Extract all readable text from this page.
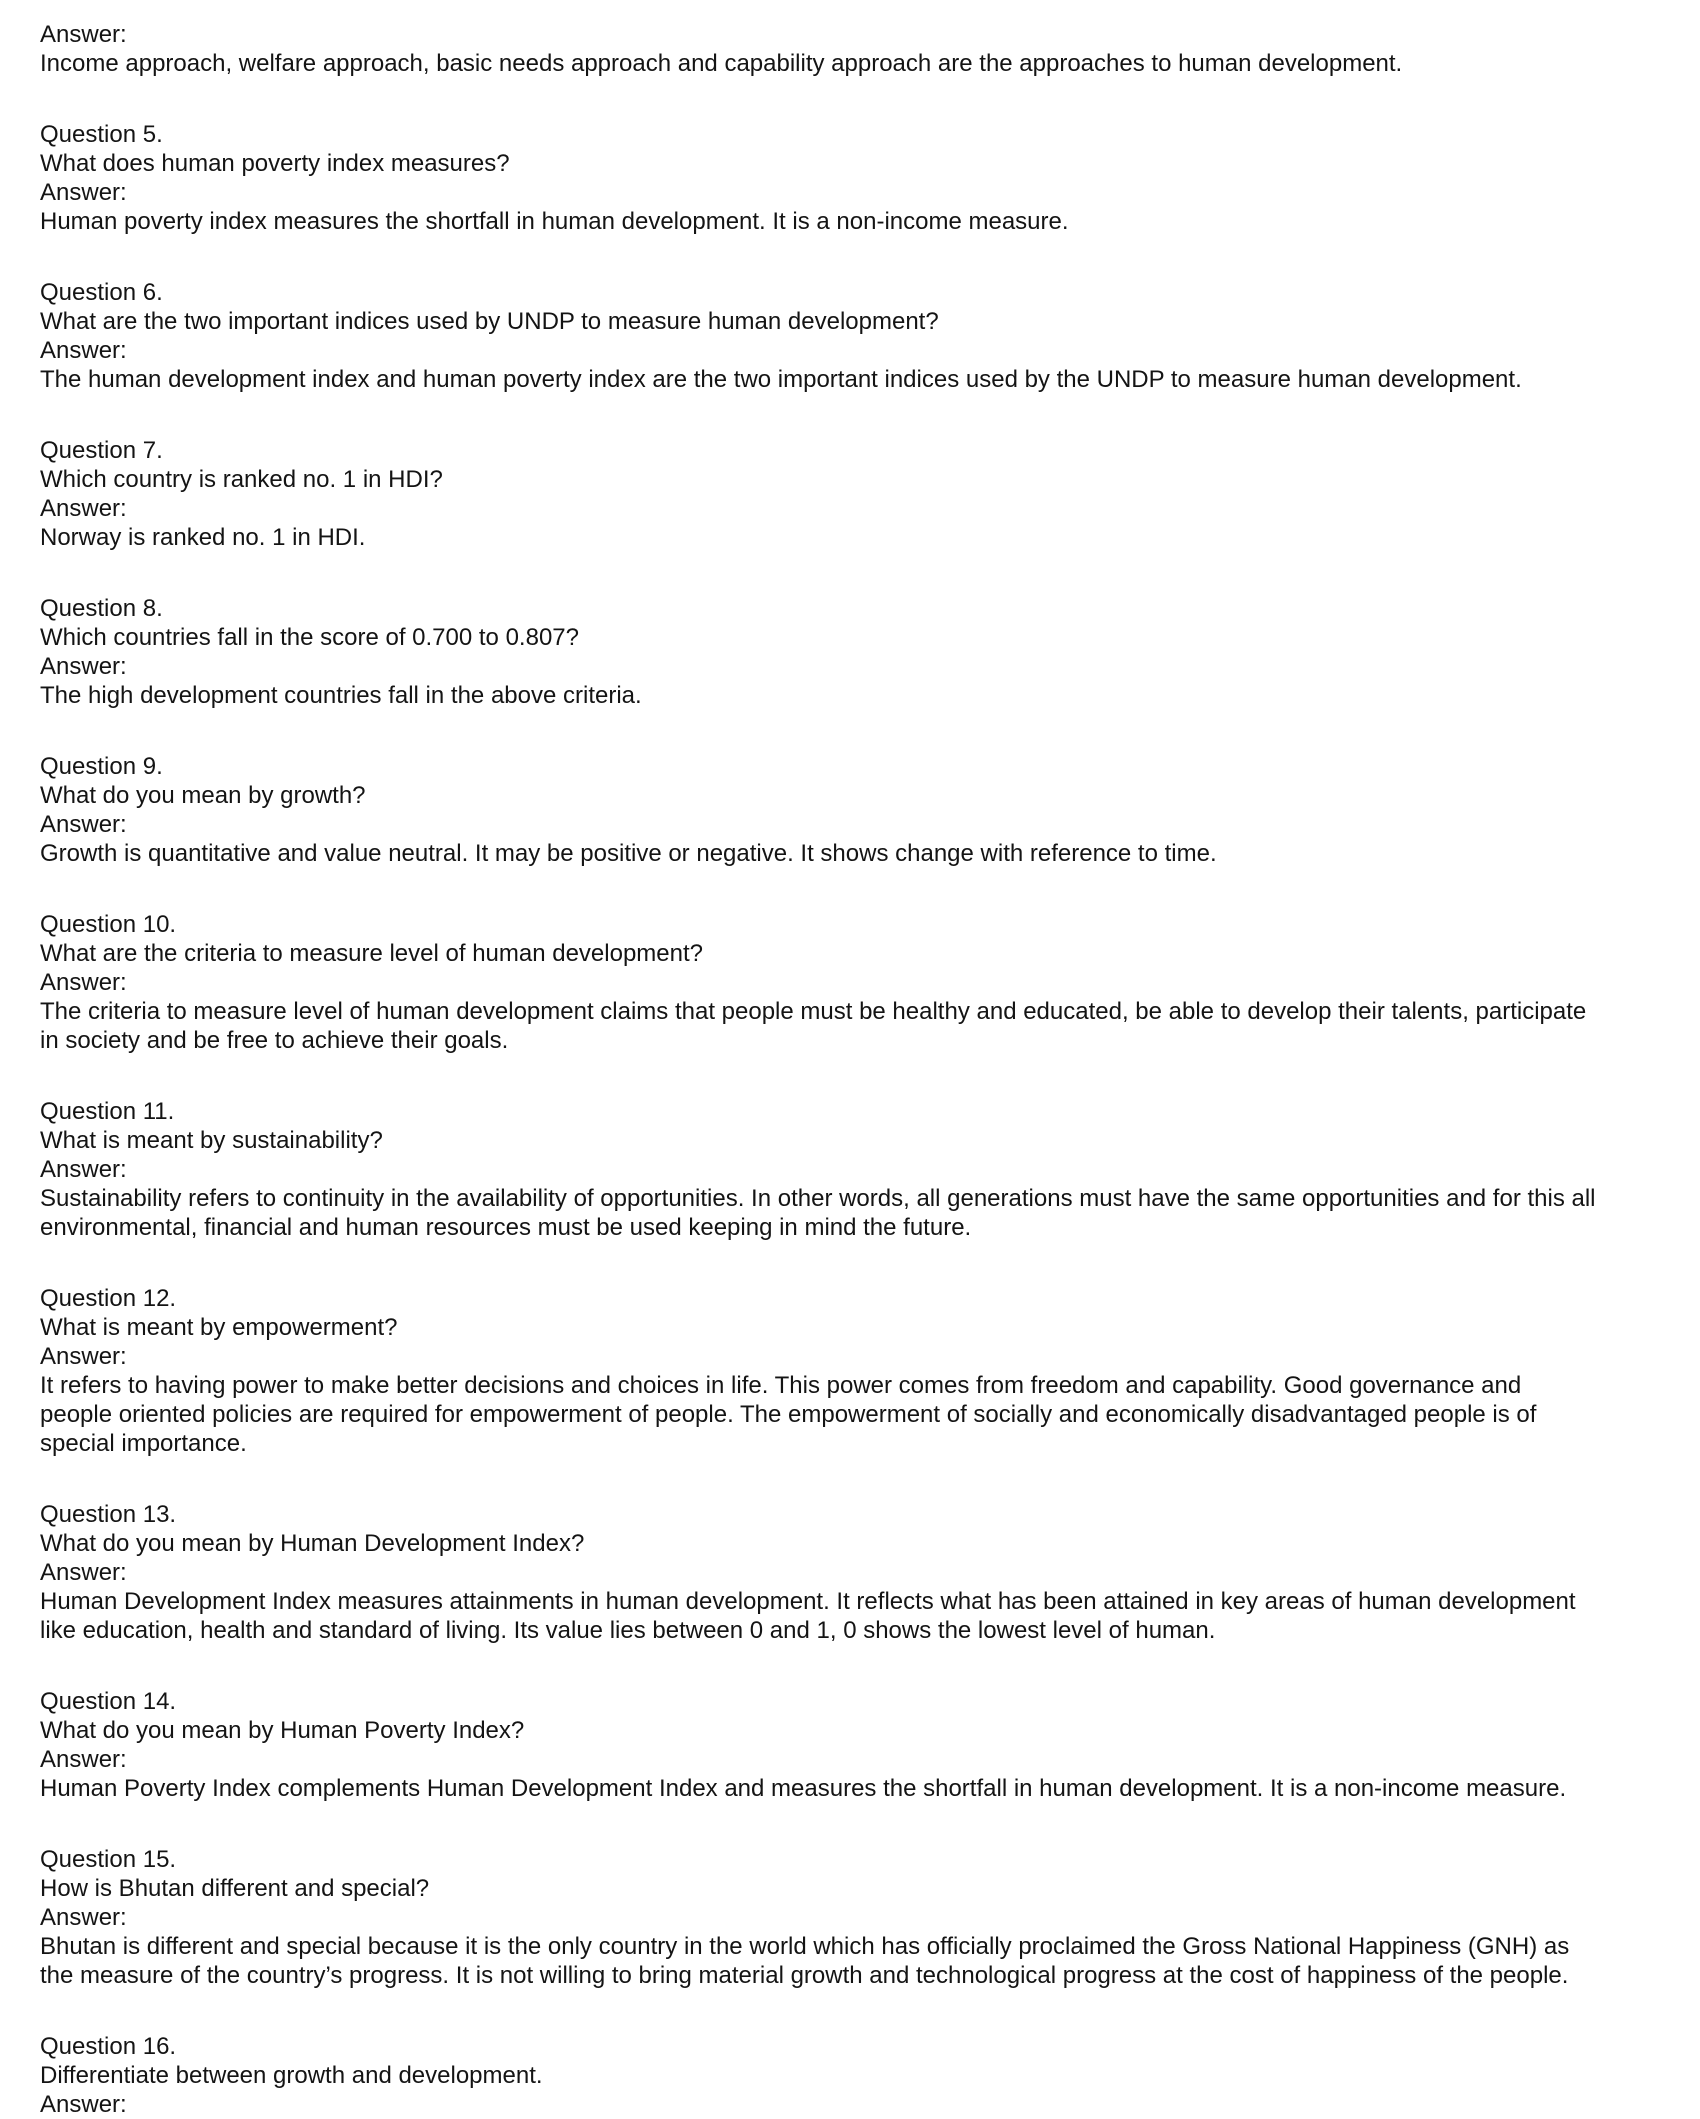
Answer:
Income approach, welfare approach, basic needs approach and capability approach are the approaches to human development.
Question 5.
What does human poverty index measures?
Answer:
Human poverty index measures the shortfall in human development. It is a non-income measure.
Question 6.
What are the two important indices used by UNDP to measure human development?
Answer:
The human development index and human poverty index are the two important indices used by the UNDP to measure human development.
Question 7.
Which country is ranked no. 1 in HDI?
Answer:
Norway is ranked no. 1 in HDI.
Question 8.
Which countries fall in the score of 0.700 to 0.807?
Answer:
The high development countries fall in the above criteria.
Question 9.
What do you mean by growth?
Answer:
Growth is quantitative and value neutral. It may be positive or negative. It shows change with reference to time.
Question 10.
What are the criteria to measure level of human development?
Answer:
The criteria to measure level of human development claims that people must be healthy and educated, be able to develop their talents, participate
in society and be free to achieve their goals.
Question 11.
What is meant by sustainability?
Answer:
Sustainability refers to continuity in the availability of opportunities. In other words, all generations must have the same opportunities and for this all
environmental, financial and human resources must be used keeping in mind the future.
Question 12.
What is meant by empowerment?
Answer:
It refers to having power to make better decisions and choices in life. This power comes from freedom and capability. Good governance and
people oriented policies are required for empowerment of people. The empowerment of socially and economically disadvantaged people is of
special importance.
Question 13.
What do you mean by Human Development Index?
Answer:
Human Development Index measures attainments in human development. It reflects what has been attained in key areas of human development
like education, health and standard of living. Its value lies between 0 and 1, 0 shows the lowest level of human.
Question 14.
What do you mean by Human Poverty Index?
Answer:
Human Poverty Index complements Human Development Index and measures the shortfall in human development. It is a non-income measure.
Question 15.
How is Bhutan different and special?
Answer:
Bhutan is different and special because it is the only country in the world which has officially proclaimed the Gross National Happiness (GNH) as
the measure of the country’s progress. It is not willing to bring material growth and technological progress at the cost of happiness of the people.
Question 16.
Differentiate between growth and development.
Answer:
